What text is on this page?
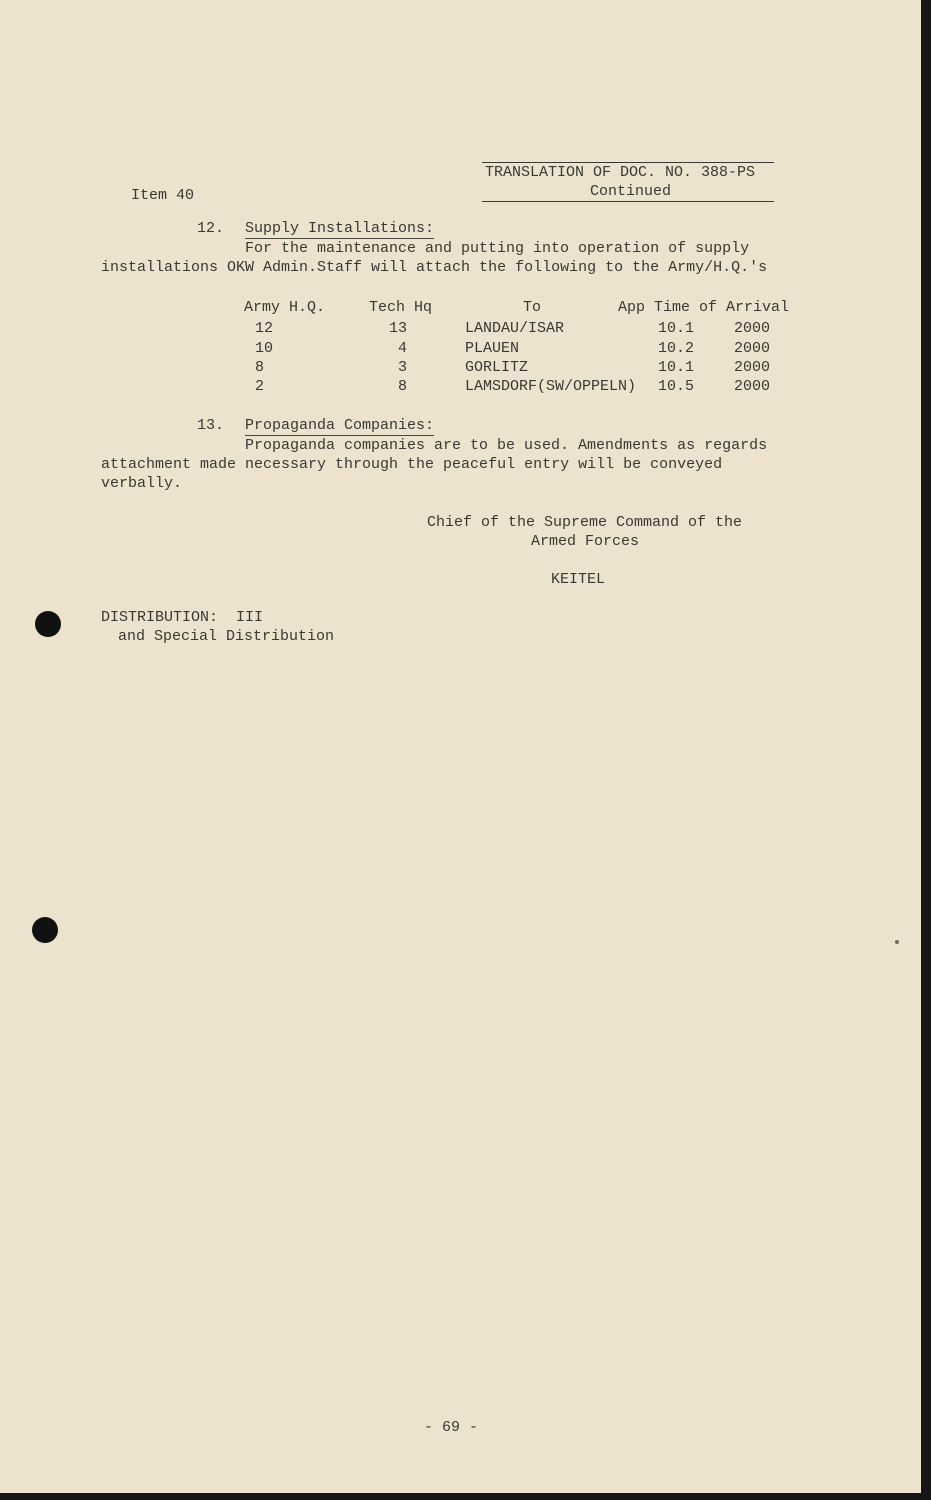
TRANSLATION OF DOC. NO. 388-PS
Continued
Item 40
12. Supply Installations:
For the maintenance and putting into operation of supply
installations OKW Admin.Staff will attach the following to the Army/H.Q.'s
Army H.Q.	Tech Hq	To	App Time of Arrival
12	13	LANDAU/ISAR	10.1	2000
10	4	PLAUEN	10.2	2000
8	3	GORLITZ	10.1	2000
2	8	LAMSDORF(SW/OPPELN) 10.5	2000
13. Propaganda Companies:
Propaganda companies are to be used. Amendments as regards
attachment made necessary through the peaceful entry will be conveyed
verbally.
Chief of the Supreme Command of the
Armed Forces
KEITEL
DISTRIBUTION:  III
and Special Distribution
- 69 -
